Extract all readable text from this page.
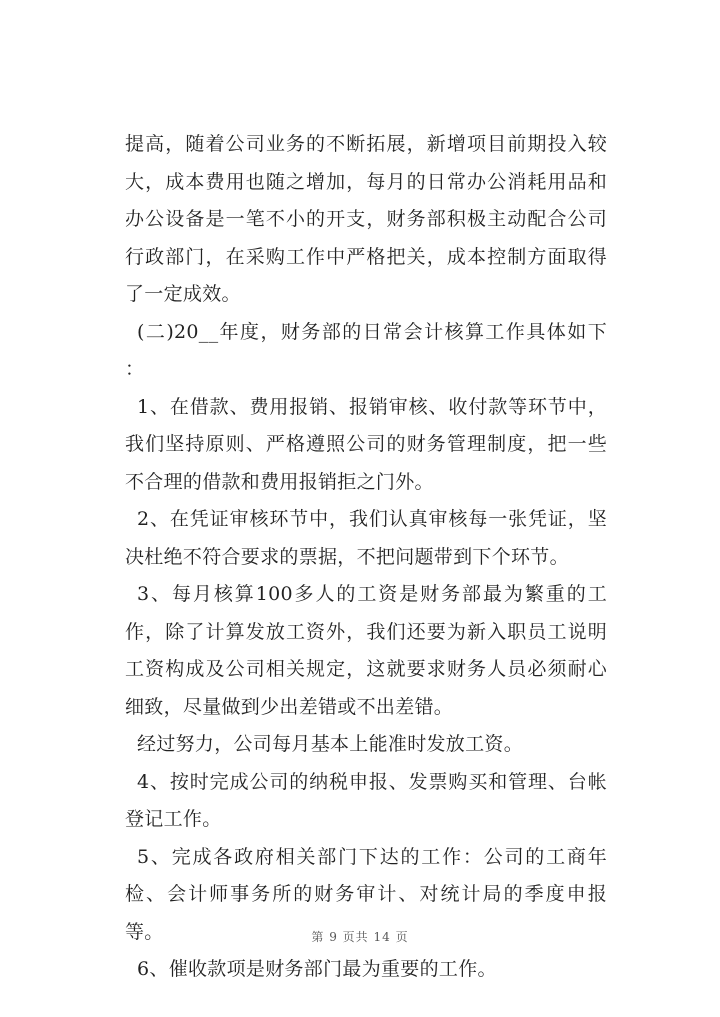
提高，随着公司业务的不断拓展，新增项目前期投入较大，成本费用也随之增加，每月的日常办公消耗用品和办公设备是一笔不小的开支，财务部积极主动配合公司行政部门，在采购工作中严格把关，成本控制方面取得了一定成效。

(二)20__年度，财务部的日常会计核算工作具体如下 ：

1、在借款、费用报销、报销审核、收付款等环节中，我们坚持原则、严格遵照公司的财务管理制度，把一些不合理的借款和费用报销拒之门外。

2、在凭证审核环节中，我们认真审核每一张凭证，坚决杜绝不符合要求的票据，不把问题带到下个环节。

3、每月核算100多人的工资是财务部最为繁重的工作，除了计算发放工资外，我们还要为新入职员工说明工资构成及公司相关规定，这就要求财务人员必须耐心细致，尽量做到少出差错或不出差错。

经过努力，公司每月基本上能准时发放工资。

4、按时完成公司的纳税申报、发票购买和管理、台帐登记工作。

5、完成各政府相关部门下达的工作：公司的工商年检、会计师事务所的财务审计、对统计局的季度申报等。

6、催收款项是财务部门最为重要的工作。

第 9 页共 14 页
